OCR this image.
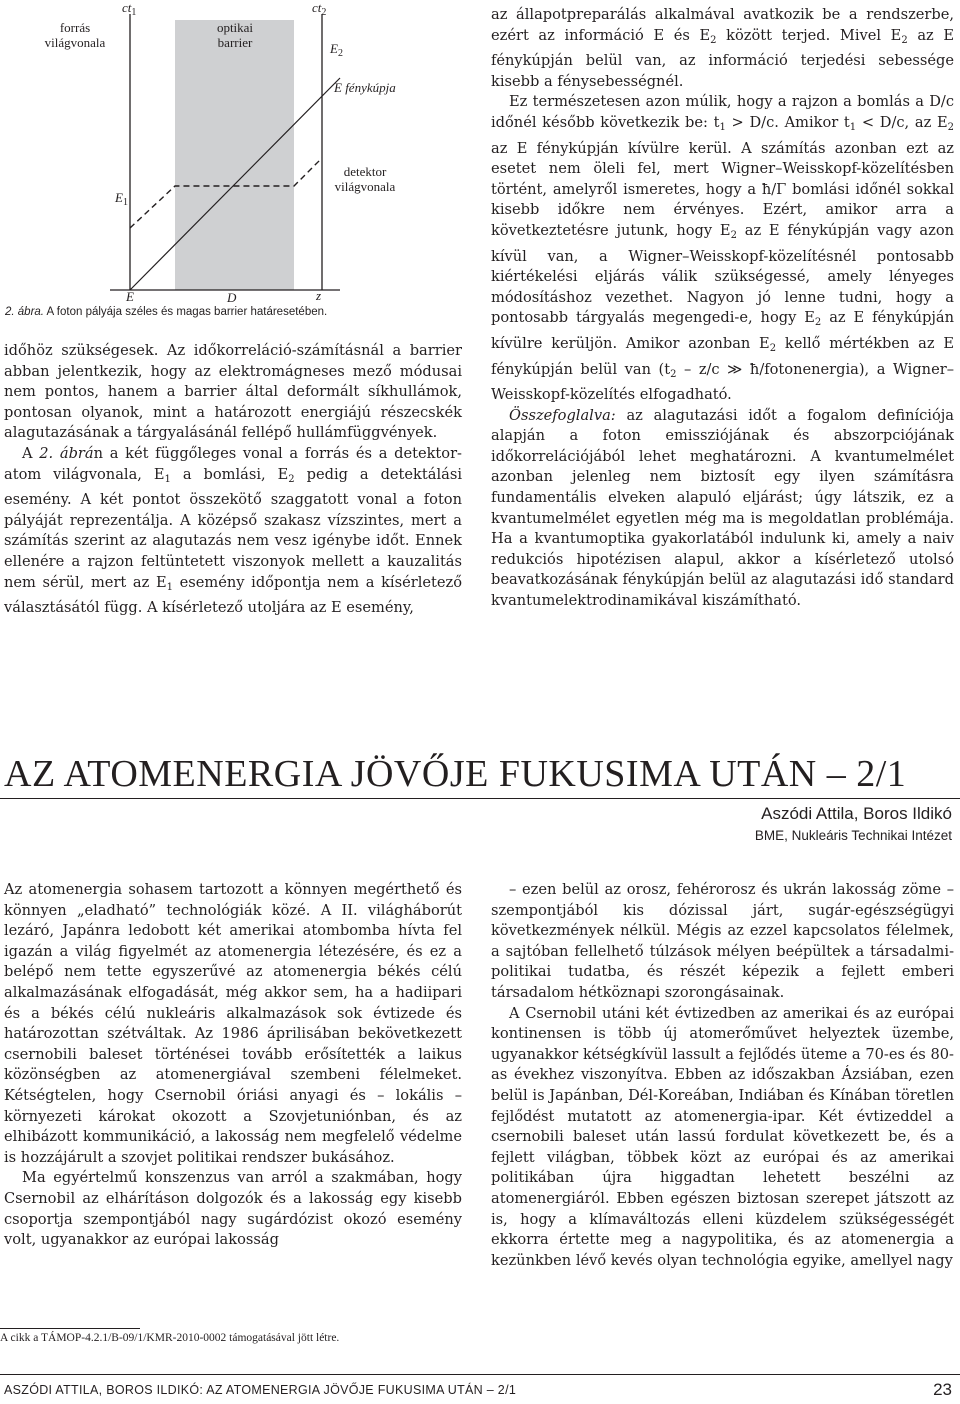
forrás
világvonala
$ct_1$
optikai
barrier
$ct_2$
$E_2$
E fénykúpja
detektor
világvonala
$E_1$
E	D	z
2. ábra. A foton pályája széles és magas barrier határesetében.

időhöz szükségesek. Az időkorreláció-számításnál a barrier abban jelentkezik, hogy az elektromágneses mező módusai nem pontos, hanem a barrier által deformált síkhullámok, pontosan olyanok, mint a határozott energiájú részecskék alagutazásának a tárgyalásánál fellépő hullámfüggvények.

A 2. ábrán a két függőleges vonal a forrás és a detektor-atom világvonala, $E_1$ a bomlási, $E_2$ pedig a detektálási esemény. A két pontot összekötő szaggatott vonal a foton pályáját reprezentálja. A középső szakasz vízszintes, mert a számítás szerint az alagutazás nem vesz igénybe időt. Ennek ellenére a rajzon feltüntetett viszonyok mellett a kauzalitás nem sérül, mert az $E_1$ esemény időpontja nem a kísérletező választásától függ. A kísérletező utoljára az E esemény,

az állapotpreparálás alkalmával avatkozik be a rendszerbe, ezért az információ E és $E_2$ között terjed. Mivel $E_2$ az E fénykúpján belül van, az információ terjedési sebessége kisebb a fénysebességnél.

Ez természetesen azon múlik, hogy a rajzon a bomlás a D/c időnél később következik be: $t_1 > D/c$. Amikor $t_1 < D/c$, az $E_2$ az E fénykúpján kívülre kerül. A számítás azonban ezt az esetet nem öleli fel, mert Wigner–Weisskopf-közelítésben történt, amelyről ismeretes, hogy a ħ/Γ bomlási időnél sokkal kisebb időkre nem érvényes. Ezért, amikor arra a következtetésre jutunk, hogy $E_2$ az E fénykúpján vagy azon kívül van, a Wigner–Weisskopf-közelítésnél pontosabb kiértékelési eljárás válik szükségessé, amely lényeges módosításhoz vezethet. Nagyon jó lenne tudni, hogy a pontosabb tárgyalás megengedi-e, hogy $E_2$ az E fénykúpján kívülre kerüljön. Amikor azonban $E_2$ kellő mértékben az E fénykúpján belül van ($t_2 - z/c$ ≫ ħ/fotonenergia), a Wigner–Weisskopf-közelítés elfogadható.

Összefoglalva: az alagutazási időt a fogalom definíciója alapján a foton emissziójának és abszorpciójának időkorrelációjából lehet meghatározni. A kvantumelmélet azonban jelenleg nem biztosít egy ilyen számításra fundamentális elveken alapuló eljárást; úgy látszik, ez a kvantumelmélet egyetlen még ma is megoldatlan problémája. Ha a kvantumoptika gyakorlatából indulunk ki, amely a naiv redukciós hipotézisen alapul, akkor a kísérletező utolsó beavatkozásának fénykúpján belül az alagutazási idő standard kvantumelektrodinamikával kiszámítható.

AZ ATOMENERGIA JÖVŐJE FUKUSIMA UTÁN – 2/1
Aszódi Attila, Boros Ildikó
BME, Nukleáris Technikai Intézet

Az atomenergia sohasem tartozott a könnyen megérthető és könnyen „eladható” technológiák közé. A II. világháborút lezáró, Japánra ledobott két amerikai atombomba hívta fel igazán a világ figyelmét az atomenergia létezésére, és ez a belépő nem tette egyszerűvé az atomenergia békés célú alkalmazásának elfogadását, még akkor sem, ha a hadiipari és a békés célú nukleáris alkalmazások sok évtizede és határozottan szétváltak. Az 1986 áprilisában bekövetkezett csernobili baleset történései tovább erősítették a laikus közönségben az atomenergiával szembeni félelmeket. Kétségtelen, hogy Csernobil óriási anyagi és – lokális – környezeti károkat okozott a Szovjetuniónban, és az elhibázott kommunikáció, a lakosság nem megfelelő védelme is hozzájárult a szovjet politikai rendszer bukásához.

Ma egyértelmű konszenzus van arról a szakmában, hogy Csernobil az elhárításon dolgozók és a lakosság egy kisebb csoportja szempontjából nagy sugárdózist okozó esemény volt, ugyanakkor az európai lakosság

– ezen belül az orosz, fehérorosz és ukrán lakosság zöme – szempontjából kis dózissal járt, sugár-egészségügyi következmények nélkül. Mégis az ezzel kapcsolatos félelmek, a sajtóban fellelhető túlzások mélyen beépültek a társadalmi-politikai tudatba, és részét képezik a fejlett emberi társadalom hétköznapi szorongásainak.

A Csernobil utáni két évtizedben az amerikai és az európai kontinensen is több új atomerőművet helyeztek üzembe, ugyanakkor kétségkívül lassult a fejlődés üteme a 70-es és 80-as évekhez viszonyítva. Ebben az időszakban Ázsiában, ezen belül is Japánban, Dél-Koreában, Indiában és Kínában töretlen fejlődést mutatott az atomenergia-ipar. Két évtizeddel a csernobili baleset után lassú fordulat következett be, és a fejlett világban, többek közt az európai és az amerikai politikában újra higgadtan lehetett beszélni az atomenergiáról. Ebben egészen biztosan szerepet játszott az is, hogy a klímaváltozás elleni küzdelem szükségességét ekkorra értette meg a nagypolitika, és az atomenergia a kezünkben lévő kevés olyan technológia egyike, amellyel nagy

A cikk a TÁMOP-4.2.1/B-09/1/KMR-2010-0002 támogatásával jött létre.
ASZÓDI ATTILA, BOROS ILDIKÓ: AZ ATOMENERGIA JÖVŐJE FUKUSIMA UTÁN – 2/1	23
